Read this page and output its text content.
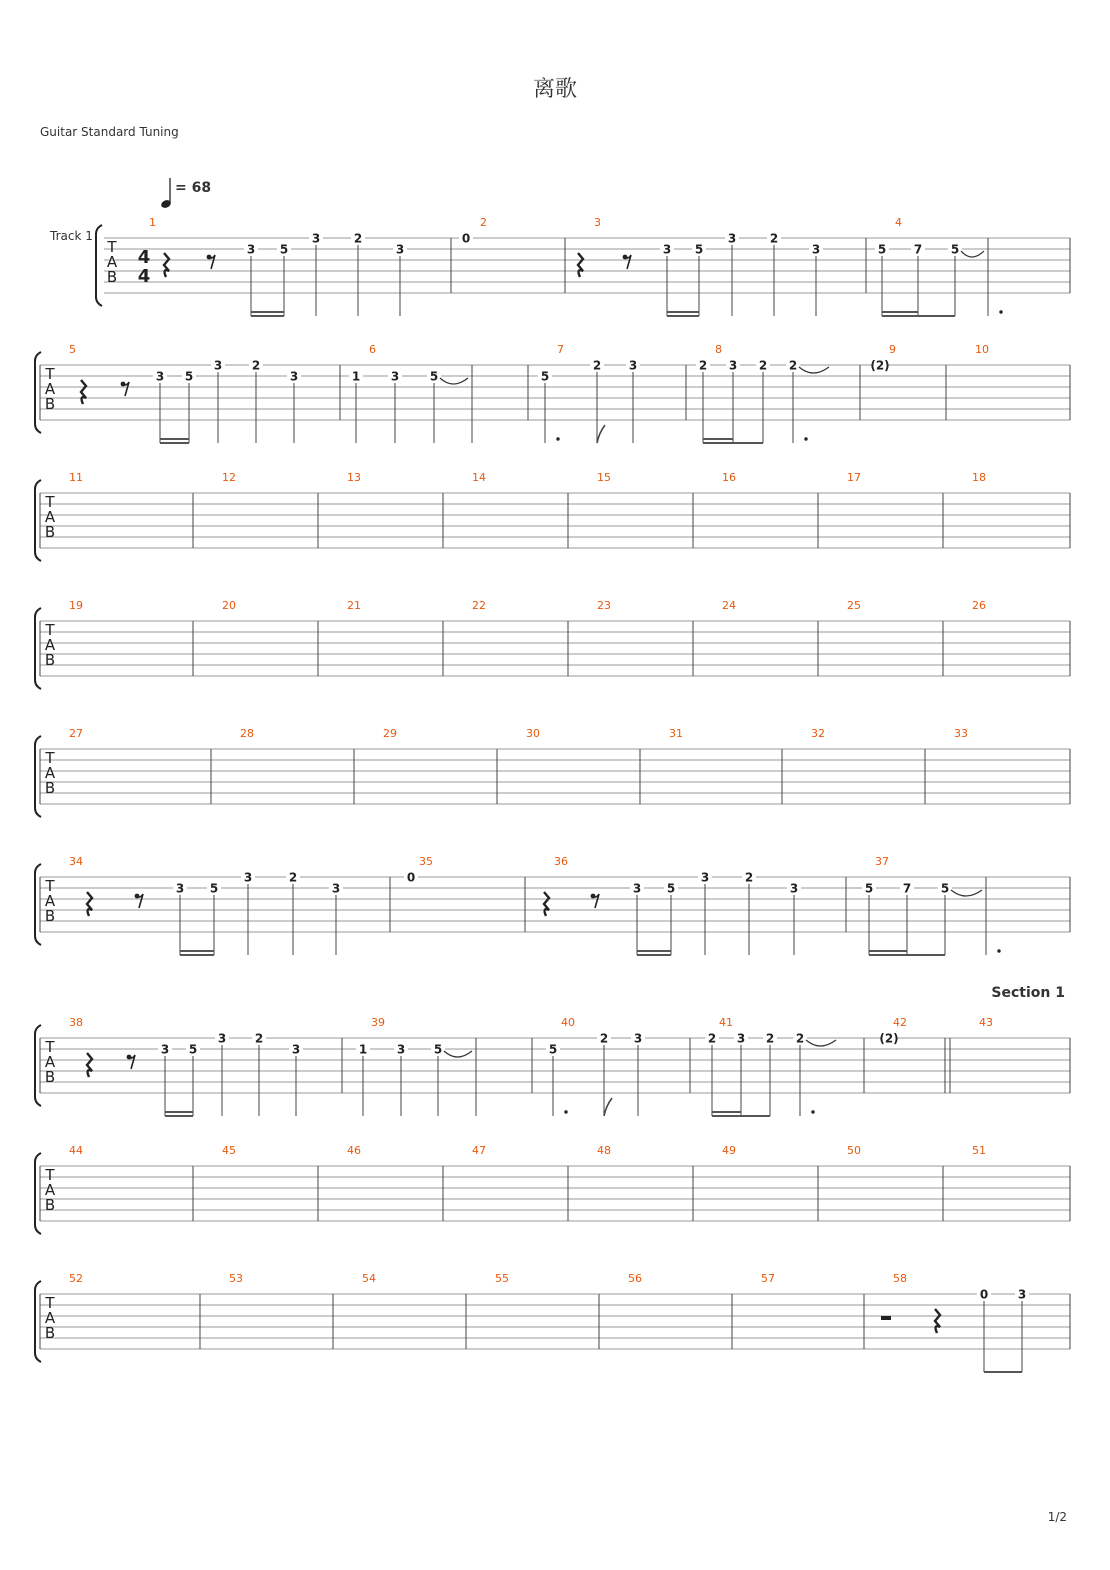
离歌
Guitar Standard Tuning
= 68
Track 1
Section 1
T
A
B
4
4
1
3 5
3	2
3
2
0
3
3 5
3	2
3
4
5 7 5
T
A
B
5
3 5
3 2
3
6
1	3	5
7
5
2 3
8
2 3 2 2
9
(2)
10
T
A
B
11	12	13	14	15	16	17	18
T
A
B
19	20	21	22	23	24	25	26
T
A
B
27	28	29	30	31	32	33
T
A
B
34
3 5
3	2
3
35
0
36
3 5
3	2
3
37
5 7 5
T
A
B
38
3 5
3 2
3
39
1 3 5
40
5
2 3
41
2 3 2 2
42
(2)
43
T
A
B
44	45	46	47	48	49	50	51
T
A
B
52	53	54	55	56	57	58
0 3
1/2
